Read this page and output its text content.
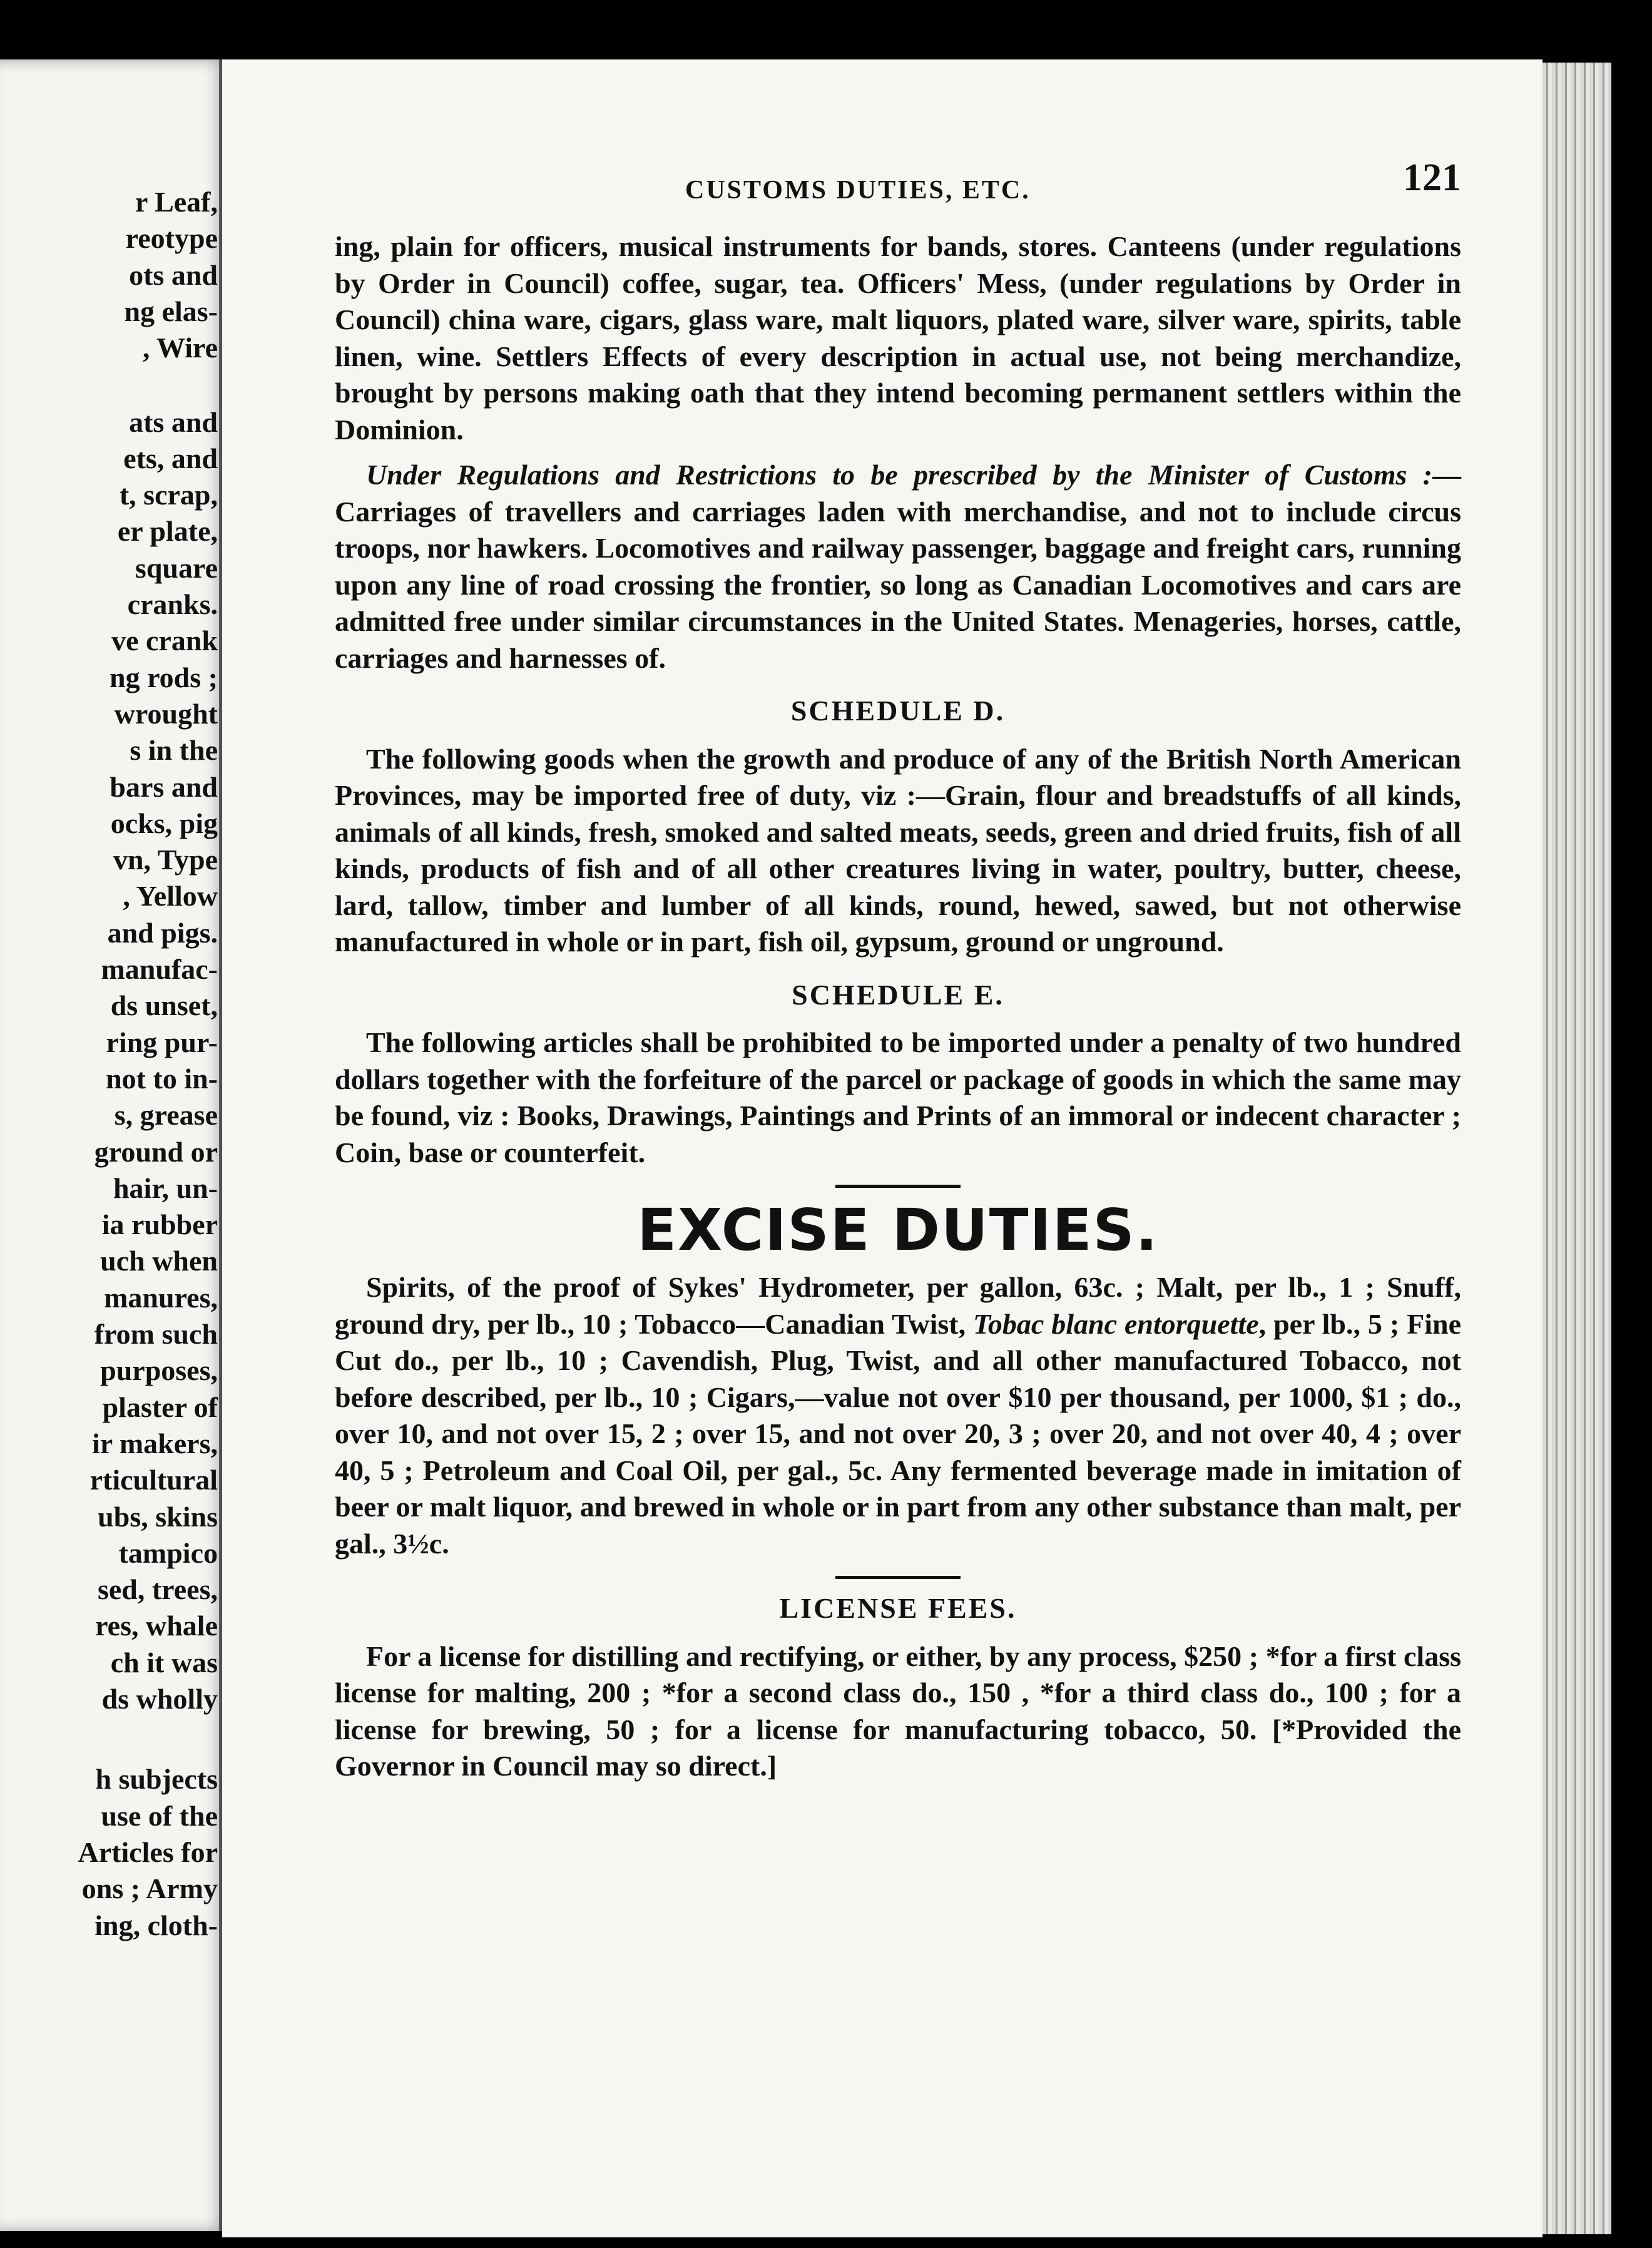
r Leaf,
reotype
ots and
ng elas-
, Wire
ats and
ets, and
t, scrap,
er plate,
square
cranks.
ve crank
ng rods ;
wrought
s in the
bars and
ocks, pig
vn, Type
, Yellow
and pigs.
manufac-
ds unset,
ring pur-
not to in-
s, grease
ground or
hair, un-
ia rubber
uch when
manures,
from such
purposes,
plaster of
ir makers,
rticultural
ubs, skins
tampico
sed, trees,
res, whale
ch it was
ds wholly
h subjects
use of the
Articles for
ons ; Army
ing, cloth-
CUSTOMS DUTIES, ETC.	121

ing, plain for officers, musical instruments for bands, stores. Canteens (under regulations by Order in Council) coffee, sugar, tea. Officers' Mess, (under regulations by Order in Council) china ware, cigars, glass ware, malt liquors, plated ware, silver ware, spirits, table linen, wine. Settlers Effects of every description in actual use, not being merchandize, brought by persons making oath that they intend becoming permanent settlers within the Dominion.

Under Regulations and Restrictions to be prescribed by the Minister of Customs :—Carriages of travellers and carriages laden with merchandise, and not to include circus troops, nor hawkers. Locomotives and railway passenger, baggage and freight cars, running upon any line of road crossing the frontier, so long as Canadian Locomotives and cars are admitted free under similar circumstances in the United States. Menageries, horses, cattle, carriages and harnesses of.

SCHEDULE D.

The following goods when the growth and produce of any of the British North American Provinces, may be imported free of duty, viz :—Grain, flour and breadstuffs of all kinds, animals of all kinds, fresh, smoked and salted meats, seeds, green and dried fruits, fish of all kinds, products of fish and of all other creatures living in water, poultry, butter, cheese, lard, tallow, timber and lumber of all kinds, round, hewed, sawed, but not otherwise manufactured in whole or in part, fish oil, gypsum, ground or unground.

SCHEDULE E.

The following articles shall be prohibited to be imported under a penalty of two hundred dollars together with the forfeiture of the parcel or package of goods in which the same may be found, viz : Books, Drawings, Paintings and Prints of an immoral or indecent character ; Coin, base or counterfeit.

EXCISE DUTIES.

Spirits, of the proof of Sykes' Hydrometer, per gallon, 63c. ; Malt, per lb., 1 ; Snuff, ground dry, per lb., 10 ; Tobacco—Canadian Twist, Tobac blanc entorquette, per lb., 5 ; Fine Cut do., per lb., 10 ; Cavendish, Plug, Twist, and all other manufactured Tobacco, not before described, per lb., 10 ; Cigars,—value not over $10 per thousand, per 1000, $1 ; do., over 10, and not over 15, 2 ; over 15, and not over 20, 3 ; over 20, and not over 40, 4 ; over 40, 5 ; Petroleum and Coal Oil, per gal., 5c. Any fermented beverage made in imitation of beer or malt liquor, and brewed in whole or in part from any other substance than malt, per gal., 3½c.

LICENSE FEES.

For a license for distilling and rectifying, or either, by any process, $250 ; *for a first class license for malting, 200 ; *for a second class do., 150 , *for a third class do., 100 ; for a license for brewing, 50 ; for a license for manufacturing tobacco, 50. [*Provided the Governor in Council may so direct.]
